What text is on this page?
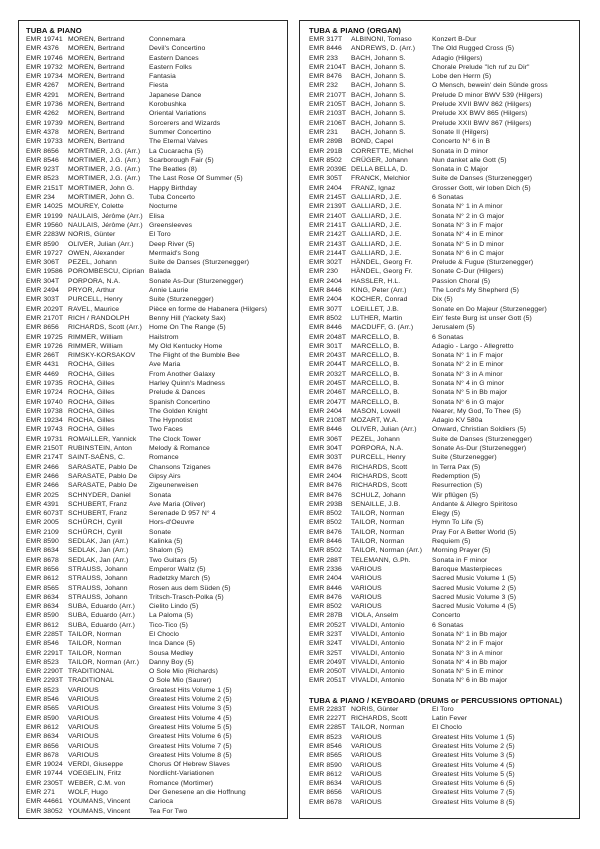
TUBA & PIANO
EMR 19741 MOREN, Bertrand	Connemara
EMR 4376	MOREN, Bertrand	Devil's Concertino
EMR 19746 MOREN, Bertrand	Eastern Dances
EMR 19732 MOREN, Bertrand	Eastern Folks
EMR 19734 MOREN, Bertrand	Fantasia
EMR 4267	MOREN, Bertrand	Fiesta
EMR 4291	MOREN, Bertrand	Japanese Dance
EMR 19736 MOREN, Bertrand	Korobushka
EMR 4262	MOREN, Bertrand	Oriental Variations
EMR 19739 MOREN, Bertrand	Sorcerers and Wizards
EMR 4378	MOREN, Bertrand	Summer Concertino
EMR 19733 MOREN, Bertrand	The Eternal Valves
EMR 8656	MORTIMER, J.G. (Arr.)	La Cucaracha (5)
EMR 8546	MORTIMER, J.G. (Arr.)	Scarborough Fair (5)
EMR 923T	MORTIMER, J.G. (Arr.)	The Beatles (8)
EMR 8523	MORTIMER, J.G. (Arr.)	The Last Rose Of Summer (5)
EMR 2151T MORTIMER, John G.	Happy Birthday
EMR 234	MORTIMER, John G.	Tuba Concerto
EMR 14025 MOUREY, Colette	Nocturne
EMR 19199 NAULAIS, Jérôme (Arr.) Elisa
EMR 19560 NAULAIS, Jérôme (Arr.) Greensleeves
EMR 2283W NORIS, Günter	El Toro
EMR 8590	OLIVER, Julian (Arr.)	Deep River (5)
EMR 19727 OWEN, Alexander	Mermaid's Song
EMR 306T	PEZEL, Johann	Suite de Danses (Sturzenegger)
EMR 19586 POROMBESCU, Ciprian Balada
EMR 304T	PORPORA, N.A.	Sonate As-Dur (Sturzenegger)
EMR 2494	PRYOR, Arthur	Annie Laurie
EMR 303T	PURCELL, Henry	Suite (Sturzenegger)
EMR 2029T RAVEL, Maurice	Pièce en forme de Habanera (Hilgers)
EMR 2170T RICH / RANDOLPH	Benny Hill (Yackety Sax)
EMR 8656	RICHARDS, Scott (Arr.)	Home On The Range (5)
EMR 19725 RIMMER, William	Hailstrom
EMR 19726 RIMMER, William	My Old Kentucky Home
EMR 266T	RIMSKY-KORSAKOV	The Flight of the Bumble Bee
EMR 4431	ROCHA, Gilles	Ave Maria
EMR 4469	ROCHA, Gilles	From Another Galaxy
EMR 19735 ROCHA, Gilles	Harley Quinn's Madness
EMR 19724 ROCHA, Gilles	Prelude & Dances
EMR 19740 ROCHA, Gilles	Spanish Concertino
EMR 19738 ROCHA, Gilles	The Golden Knight
EMR 19234 ROCHA, Gilles	The Hypnotist
EMR 19743 ROCHA, Gilles	Two Faces
EMR 19731 ROMAILLER, Yannick	The Clock Tower
EMR 2150T RUBINSTEIN, Anton	Melody & Romance
EMR 2174T SAINT-SAËNS, C.	Romance
EMR 2466	SARASATE, Pablo De	Chansons Tziganes
EMR 2466	SARASATE, Pablo De	Gipsy Airs
EMR 2466	SARASATE, Pablo De	Zigeunerweisen
EMR 2025	SCHNYDER, Daniel	Sonata
EMR 4391	SCHUBERT, Franz	Ave Maria (Oliver)
EMR 6073T SCHUBERT, Franz	Serenade D 957 N° 4
EMR 2005	SCHÜRCH, Cyrill	Hors-d'Oeuvre
EMR 2109	SCHÜRCH, Cyrill	Sonate
EMR 8590	SEDLAK, Jan (Arr.)	Kalinka (5)
EMR 8634	SEDLAK, Jan (Arr.)	Shalom (5)
EMR 8678	SEDLAK, Jan (Arr.)	Two Guitars (5)
EMR 8656	STRAUSS, Johann	Emperor Waltz (5)
EMR 8612	STRAUSS, Johann	Radetzky March (5)
EMR 8565	STRAUSS, Johann	Rosen aus dem Süden (5)
EMR 8634	STRAUSS, Johann	Tritsch-Trasch-Polka (5)
EMR 8634	SUBA, Eduardo (Arr.)	Cielito Lindo (5)
EMR 8590	SUBA, Eduardo (Arr.)	La Paloma (5)
EMR 8612	SUBA, Eduardo (Arr.)	Tico-Tico (5)
EMR 2285T TAILOR, Norman	El Choclo
EMR 8546	TAILOR, Norman	Inca Dance (5)
EMR 2291T TAILOR, Norman	Sousa Medley
EMR 8523	TAILOR, Norman (Arr.)	Danny Boy (5)
EMR 2290T TRADITIONAL	O Sole Mio (Richards)
EMR 2293T TRADITIONAL	O Sole Mio (Saurer)
EMR 8523	VARIOUS	Greatest Hits Volume 1 (5)
EMR 8546	VARIOUS	Greatest Hits Volume 2 (5)
EMR 8565	VARIOUS	Greatest Hits Volume 3 (5)
EMR 8590	VARIOUS	Greatest Hits Volume 4 (5)
EMR 8612	VARIOUS	Greatest Hits Volume 5 (5)
EMR 8634	VARIOUS	Greatest Hits Volume 6 (5)
EMR 8656	VARIOUS	Greatest Hits Volume 7 (5)
EMR 8678	VARIOUS	Greatest Hits Volume 8 (5)
EMR 19024 VERDI, Giuseppe	Chorus Of Hebrew Slaves
EMR 19744 VOEGELIN, Fritz	Nordlicht-Variationen
EMR 2305T WEBER, C.M. von	Romance (Mortimer)
EMR 271	WOLF, Hugo	Der Genesene an die Hoffnung
EMR 44661 YOUMANS, Vincent	Carioca
EMR 38052 YOUMANS, Vincent	Tea For Two
TUBA & PIANO (ORGAN)
EMR 317T	ALBINONI, Tomaso	Konzert B-Dur
EMR 8446	ANDREWS, D. (Arr.)	The Old Rugged Cross (5)
EMR 233	BACH, Johann S.	Adagio (Hilgers)
EMR 2104T BACH, Johann S.	Chorale Prelude "Ich ruf zu Dir"
EMR 8476	BACH, Johann S.	Lobe den Herrn (5)
EMR 232	BACH, Johann S.	O Mensch, bewein' dein Sünde gross
EMR 2107T BACH, Johann S.	Prelude D minor BWV 539 (Hilgers)
EMR 2105T BACH, Johann S.	Prelude XVII BWV 862 (Hilgers)
EMR 2103T BACH, Johann S.	Prelude XX BWV 865 (Hilgers)
EMR 2106T BACH, Johann S.	Prelude XXII BWV 867 (Hilgers)
EMR 231	BACH, Johann S.	Sonate II (Hilgers)
EMR 289B	BOND, Capel	Concerto N° 6 in B
EMR 291B	CORRETTE, Michel	Sonata in D minor
EMR 8502	CRÜGER, Johann	Nun danket alle Gott (5)
EMR 2039E DELLA BELLA, D.	Sonata in C Major
EMR 305T	FRANCK, Melchior	Suite de Danses (Sturzenegger)
EMR 2404	FRANZ, Ignaz	Grosser Gott, wir loben Dich (5)
EMR 2145T GALLIARD, J.E.	6 Sonatas
EMR 2139T GALLIARD, J.E.	Sonata N° 1 in A minor
EMR 2140T GALLIARD, J.E.	Sonata N° 2 in G major
EMR 2141T GALLIARD, J.E.	Sonata N° 3 in F major
EMR 2142T GALLIARD, J.E.	Sonata N° 4 in E minor
EMR 2143T GALLIARD, J.E.	Sonata N° 5 in D minor
EMR 2144T GALLIARD, J.E.	Sonata N° 6 in C major
EMR 302T	HÄNDEL, Georg Fr.	Prelude & Fugue (Sturzenegger)
EMR 230	HÄNDEL, Georg Fr.	Sonate C-Dur (Hilgers)
EMR 2404	HASSLER, H.L.	Passion Choral (5)
EMR 8446	KING, Peter (Arr.)	The Lord's My Shepherd (5)
EMR 2404	KOCHER, Conrad	Dix (5)
EMR 307T	LOEILLET, J.B.	Sonate en Do Majeur (Sturzenegger)
EMR 8502	LUTHER, Martin	Ein' feste Burg ist unser Gott (5)
EMR 8446	MACDUFF, G. (Arr.)	Jerusalem (5)
EMR 2048T MARCELLO, B.	6 Sonatas
EMR 301T	MARCELLO, B.	Adagio - Largo - Allegretto
EMR 2043T MARCELLO, B.	Sonata N° 1 in F major
EMR 2044T MARCELLO, B.	Sonata N° 2 in E minor
EMR 2032T MARCELLO, B.	Sonata N° 3 in A minor
EMR 2045T MARCELLO, B.	Sonata N° 4 in G minor
EMR 2046T MARCELLO, B.	Sonata N° 5 in Bb major
EMR 2047T MARCELLO, B.	Sonata N° 6 in G major
EMR 2404	MASON, Lowell	Nearer, My God, To Thee (5)
EMR 2108T MOZART, W.A.	Adagio KV 580a
EMR 8446	OLIVER, Julian (Arr.)	Onward, Christian Soldiers (5)
EMR 306T	PEZEL, Johann	Suite de Danses (Sturzenegger)
EMR 304T	PORPORA, N.A.	Sonate As-Dur (Sturzenegger)
EMR 303T	PURCELL, Henry	Suite (Sturzenegger)
EMR 8476	RICHARDS, Scott	In Terra Pax (5)
EMR 2404	RICHARDS, Scott	Redemption (5)
EMR 8476	RICHARDS, Scott	Resurrection (5)
EMR 8476	SCHULZ, Johann	Wir pflügen (5)
EMR 293B	SENAILLE, J.B.	Andante & Allegro Spiritoso
EMR 8502	TAILOR, Norman	Elegy (5)
EMR 8502	TAILOR, Norman	Hymn To Life (5)
EMR 8476	TAILOR, Norman	Pray For A Better World (5)
EMR 8446	TAILOR, Norman	Requiem (5)
EMR 8502	TAILOR, Norman (Arr.)	Morning Prayer (5)
EMR 288T	TELEMANN, G.Ph.	Sonata in F minor
EMR 2336	VARIOUS	Baroque Masterpieces
EMR 2404	VARIOUS	Sacred Music Volume 1 (5)
EMR 8446	VARIOUS	Sacred Music Volume 2 (5)
EMR 8476	VARIOUS	Sacred Music Volume 3 (5)
EMR 8502	VARIOUS	Sacred Music Volume 4 (5)
EMR 287B	VIOLA, Anselm	Concerto
EMR 2052T VIVALDI, Antonio	6 Sonatas
EMR 323T	VIVALDI, Antonio	Sonata N° 1 in Bb major
EMR 324T	VIVALDI, Antonio	Sonata N° 2 in F major
EMR 325T	VIVALDI, Antonio	Sonata N° 3 in A minor
EMR 2049T VIVALDI, Antonio	Sonata N° 4 in Bb major
EMR 2050T VIVALDI, Antonio	Sonata N° 5 in E minor
EMR 2051T VIVALDI, Antonio	Sonata N° 6 in Bb major
TUBA & PIANO / KEYBOARD (DRUMS or PERCUSSIONS OPTIONAL)
EMR 2283T NORIS, Günter	El Toro
EMR 2227T RICHARDS, Scott	Latin Fever
EMR 2285T TAILOR, Norman	El Choclo
EMR 8523	VARIOUS	Greatest Hits Volume 1 (5)
EMR 8546	VARIOUS	Greatest Hits Volume 2 (5)
EMR 8565	VARIOUS	Greatest Hits Volume 3 (5)
EMR 8590	VARIOUS	Greatest Hits Volume 4 (5)
EMR 8612	VARIOUS	Greatest Hits Volume 5 (5)
EMR 8634	VARIOUS	Greatest Hits Volume 6 (5)
EMR 8656	VARIOUS	Greatest Hits Volume 7 (5)
EMR 8678	VARIOUS	Greatest Hits Volume 8 (5)
